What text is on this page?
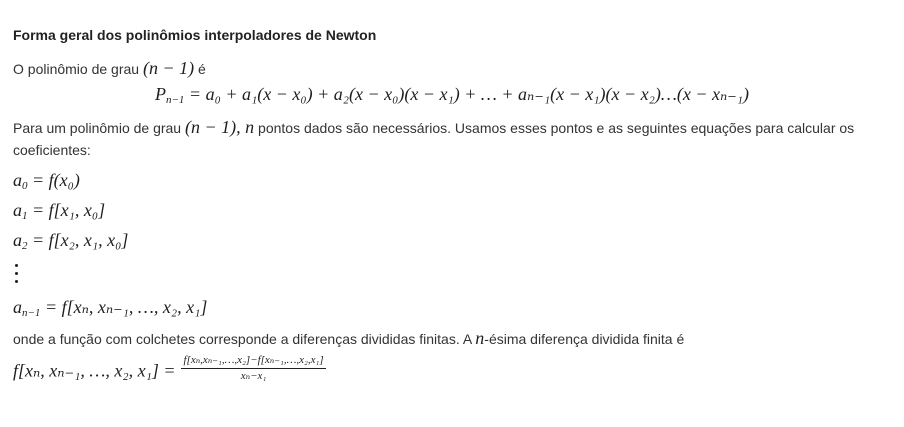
Forma geral dos polinômios interpoladores de Newton
O polinômio de grau (n − 1) é
$P_{n-1} = a_0 + a_1(x - x_0) + a_2(x - x_0)(x - x_1)$ + … + aₙ₋₁(x − x₁)(x − x₂)…(x − xₙ₋₁)
Para um polinômio de grau (n − 1), n pontos dados são necessários. Usamos esses pontos e as seguintes equações para calcular os coeficientes:
$a_0 = f(x_0)$
$a_1 = f[x_1$, x₀]
$a_2 = f[x_2$, x₁, x₀]
$a_{n-1} = f[x_n$, xₙ₋₁, …, x₂, x₁]
onde a função com colchetes corresponde a diferenças divididas finitas. A n-ésima diferença dividida finita é
f[xₙ, xₙ₋₁, …, x₂, $x_1] = \frac{\text{f[xₙ,xₙ₋₁,…,x₂]−f[xₙ₋₁,…,x₂,x₁]}}{\text{xₙ−x₁}}$
